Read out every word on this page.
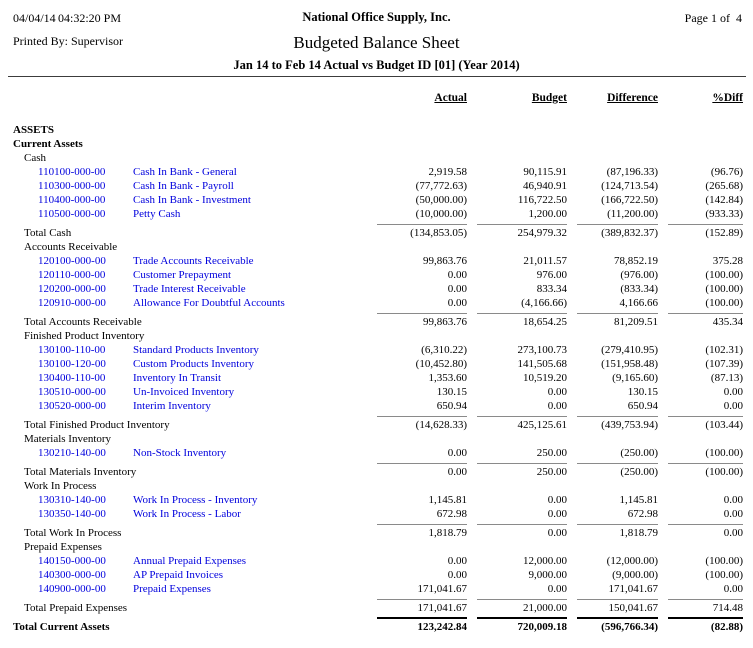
04/04/14 04:32:20 PM	National Office Supply, Inc.	Page 1 of  4
Printed By: Supervisor	Budgeted Balance Sheet
Jan 14 to Feb 14 Actual vs Budget ID [01] (Year 2014)
	Actual	Budget	Difference	%Diff
ASSETS	

Current Assets	

Cash	

110100-000-00 Cash In Bank - General	2,919.58	90,115.91	(87,196.33)	(96.76)

110300-000-00 Cash In Bank - Payroll	(77,772.63)	46,940.91	(124,713.54)	(265.68)

110400-000-00 Cash In Bank - Investment	(50,000.00)	116,722.50	(166,722.50)	(142.84)

110500-000-00 Petty Cash	(10,000.00)	1,200.00	(11,200.00)	(933.33)

Total Cash	(134,853.05)	254,979.32	(389,832.37)	(152.89)

Accounts Receivable	

120100-000-00 Trade Accounts Receivable	99,863.76	21,011.57	78,852.19	375.28

120110-000-00 Customer Prepayment	0.00	976.00	(976.00)	(100.00)

120200-000-00 Trade Interest Receivable	0.00	833.34	(833.34)	(100.00)

120910-000-00 Allowance For Doubtful Accounts	0.00	(4,166.66)	4,166.66	(100.00)

Total Accounts Receivable	99,863.76	18,654.25	81,209.51	435.34

Finished Product Inventory	

130100-110-00 Standard Products Inventory	(6,310.22)	273,100.73	(279,410.95)	(102.31)

130100-120-00 Custom Products Inventory	(10,452.80)	141,505.68	(151,958.48)	(107.39)

130400-110-00 Inventory In Transit	1,353.60	10,519.20	(9,165.60)	(87.13)

130510-000-00 Un-Invoiced Inventory	130.15	0.00	130.15	0.00

130520-000-00 Interim Inventory	650.94	0.00	650.94	0.00

Total Finished Product Inventory	(14,628.33)	425,125.61	(439,753.94)	(103.44)

Materials Inventory	

130210-140-00 Non-Stock Inventory	0.00	250.00	(250.00)	(100.00)

Total Materials Inventory	0.00	250.00	(250.00)	(100.00)

Work In Process	

130310-140-00 Work In Process - Inventory	1,145.81	0.00	1,145.81	0.00

130350-140-00 Work In Process - Labor	672.98	0.00	672.98	0.00

Total Work In Process	1,818.79	0.00	1,818.79	0.00

Prepaid Expenses	

140150-000-00 Annual Prepaid Expenses	0.00	12,000.00	(12,000.00)	(100.00)

140300-000-00 AP Prepaid Invoices	0.00	9,000.00	(9,000.00)	(100.00)

140900-000-00 Prepaid Expenses	171,041.67	0.00	171,041.67	0.00

Total Prepaid Expenses	171,041.67	21,000.00	150,041.67	714.48

Total Current Assets	123,242.84	720,009.18	(596,766.34)	(82.88)
